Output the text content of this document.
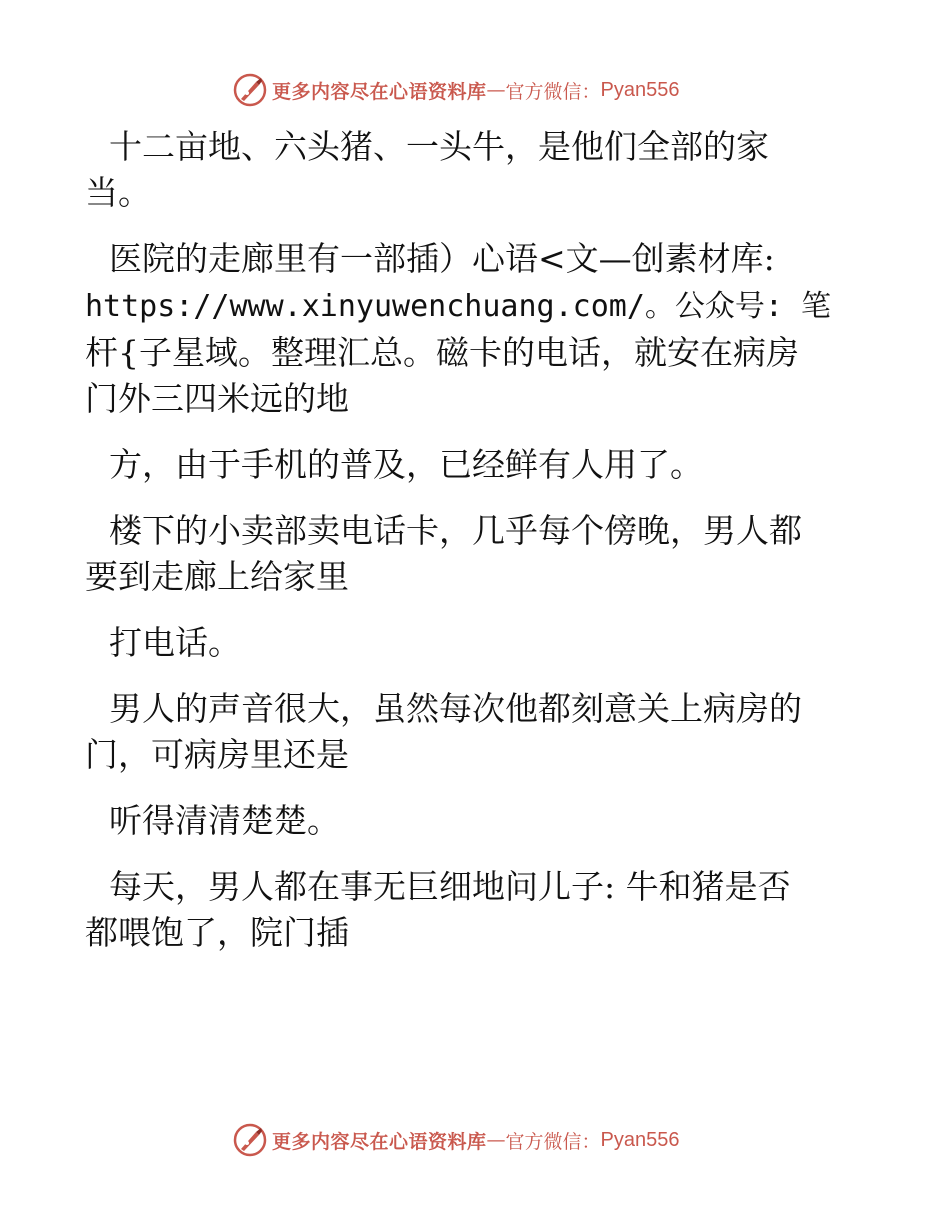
更多内容尽在心语资料库 — 官方微信： Pyan556

十二亩地、六头猪、一头牛，是他们全部的家
当。

医院的走廊里有一部插）心语<文—创素材库:
https://www.xinyuwenchuang.com/。公众号: 笔
杆{子星域。整理汇总。磁卡的电话，就安在病房
门外三四米远的地

方，由于手机的普及，已经鲜有人用了。

楼下的小卖部卖电话卡，几乎每个傍晚，男人都
要到走廊上给家里

打电话。

男人的声音很大，虽然每次他都刻意关上病房的
门，可病房里还是

听得清清楚楚。

每天，男人都在事无巨细地问儿子: 牛和猪是否
都喂饱了，院门插

更多内容尽在心语资料库 — 官方微信： Pyan556
